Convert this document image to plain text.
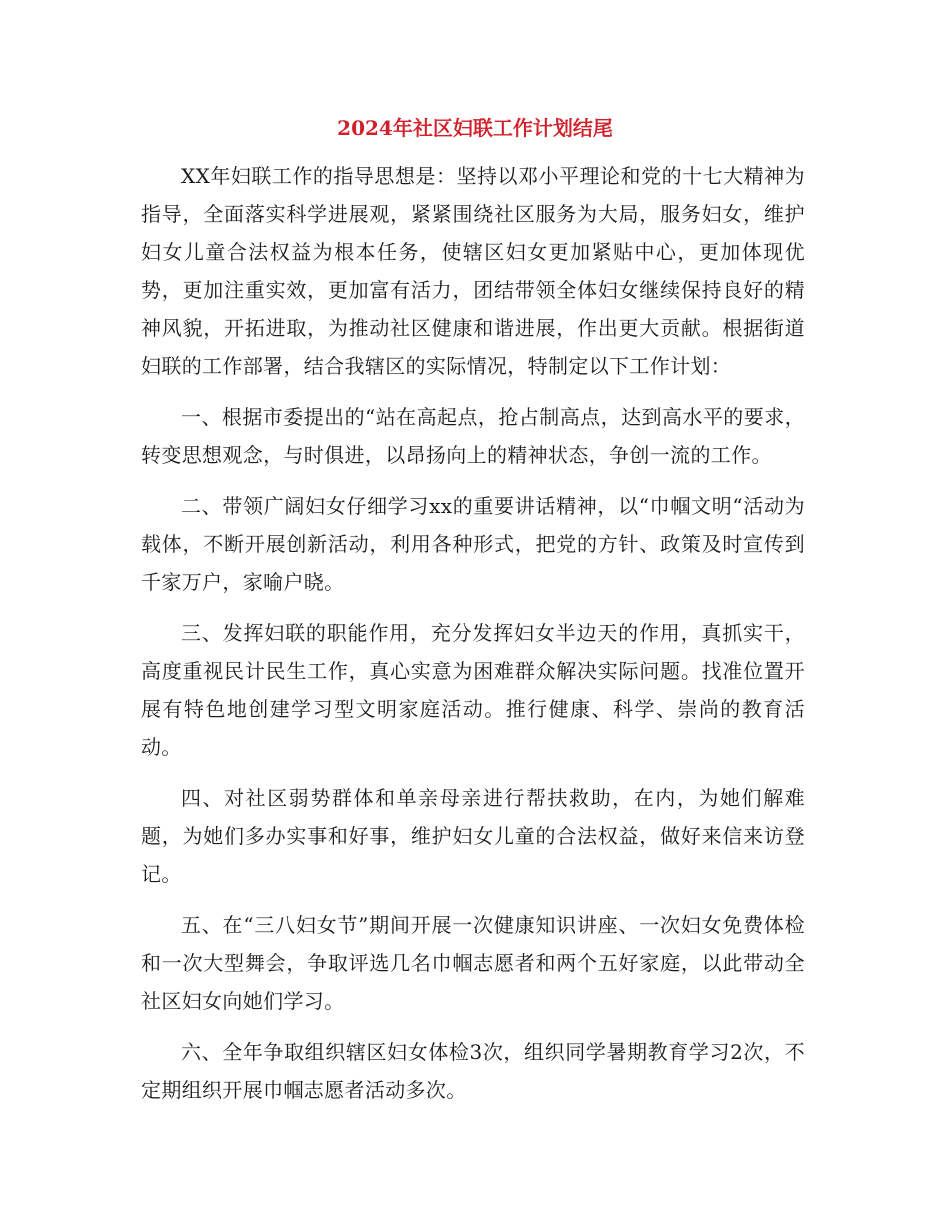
2024年社区妇联工作计划结尾

XX年妇联工作的指导思想是：坚持以邓小平理论和党的十七大精神为指导，全面落实科学进展观，紧紧围绕社区服务为大局，服务妇女，维护妇女儿童合法权益为根本任务，使辖区妇女更加紧贴中心，更加体现优势，更加注重实效，更加富有活力，团结带领全体妇女继续保持良好的精神风貌，开拓进取，为推动社区健康和谐进展，作出更大贡献。根据街道妇联的工作部署，结合我辖区的实际情况，特制定以下工作计划：

一、根据市委提出的“站在高起点，抢占制高点，达到高水平的要求，转变思想观念，与时俱进，以昂扬向上的精神状态，争创一流的工作。

二、带领广阔妇女仔细学习xx的重要讲话精神，以“巾帼文明“活动为载体，不断开展创新活动，利用各种形式，把党的方针、政策及时宣传到千家万户，家喻户晓。

三、发挥妇联的职能作用，充分发挥妇女半边天的作用，真抓实干，高度重视民计民生工作，真心实意为困难群众解决实际问题。找准位置开展有特色地创建学习型文明家庭活动。推行健康、科学、崇尚的教育活动。

四、对社区弱势群体和单亲母亲进行帮扶救助，在内，为她们解难题，为她们多办实事和好事，维护妇女儿童的合法权益，做好来信来访登记。

五、在“三八妇女节”期间开展一次健康知识讲座、一次妇女免费体检和一次大型舞会，争取评选几名巾帼志愿者和两个五好家庭，以此带动全社区妇女向她们学习。

六、全年争取组织辖区妇女体检3次，组织同学暑期教育学习2次，不定期组织开展巾帼志愿者活动多次。
